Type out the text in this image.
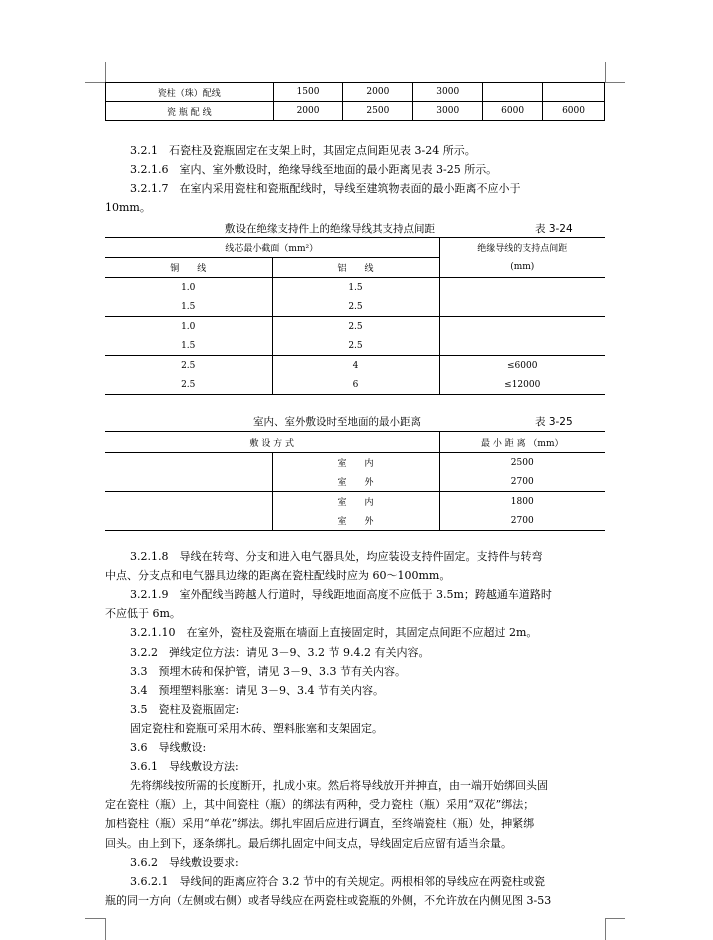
瓷柱（珠）配线	1500	2000	3000		
瓷 瓶 配 线	2000	2500	3000	6000	6000
3.2.1　石瓷柱及瓷瓶固定在支架上时，其固定点间距见表 3-24 所示。
3.2.1.6　室内、室外敷设时，绝缘导线至地面的最小距离见表 3-25 所示。
3.2.1.7　在室内采用瓷柱和瓷瓶配线时，导线至建筑物表面的最小距离不应小于
10mm。
敷设在绝缘支持件上的绝缘导线其支持点间距	表 3-24
线芯最小截面（mm²）		绝缘导线的支持点间距
铜　　线	铝　　线	(mm)
1.0	1.5	
1.5	2.5	
1.0	2.5	
1.5	2.5	
2.5	4	≤6000
2.5	6	≤12000
室内、室外敷设时至地面的最小距离	表 3-25
敷 设 方 式		最 小 距 离 （mm）
	室　　内	2500
	室　　外	2700
	室　　内	1800
	室　　外	2700
3.2.1.8　导线在转弯、分支和进入电气器具处，均应装设支持件固定。支持件与转弯
中点、分支点和电气器具边缘的距离在瓷柱配线时应为 60～100mm。
3.2.1.9　室外配线当跨越人行道时，导线距地面高度不应低于 3.5m；跨越通车道路时
不应低于 6m。
3.2.1.10　在室外，瓷柱及瓷瓶在墙面上直接固定时，其固定点间距不应超过 2m。
3.2.2　弹线定位方法：请见 3－9、3.2 节 9.4.2 有关内容。
3.3　预埋木砖和保护管，请见 3－9、3.3 节有关内容。
3.4　预埋塑料胀塞：请见 3－9、3.4 节有关内容。
3.5　瓷柱及瓷瓶固定:
固定瓷柱和瓷瓶可采用木砖、塑料胀塞和支架固定。
3.6　导线敷设:
3.6.1　导线敷设方法:
先将绑线按所需的长度断开，扎成小束。然后将导线放开并抻直，由一端开始绑回头固
定在瓷柱（瓶）上，其中间瓷柱（瓶）的绑法有两种，受力瓷柱（瓶）采用“双花”绑法；
加档瓷柱（瓶）采用“单花”绑法。绑扎牢固后应进行调直，至终端瓷柱（瓶）处，抻紧绑
回头。由上到下，逐条绑扎。最后绑扎固定中间支点，导线固定后应留有适当余量。
3.6.2　导线敷设要求:
3.6.2.1　导线间的距离应符合 3.2 节中的有关规定。两根相邻的导线应在两瓷柱或瓷
瓶的同一方向（左侧或右侧）或者导线应在两瓷柱或瓷瓶的外侧，不允许放在内侧见图 3-53
